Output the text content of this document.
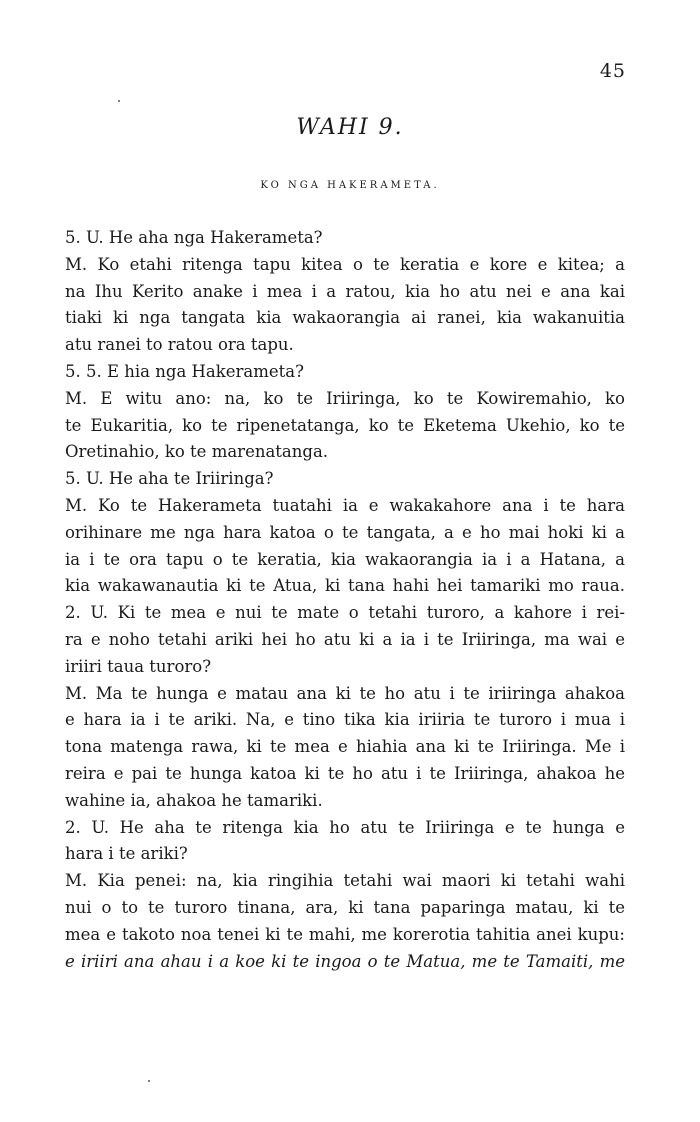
45
WAHI 9.
KO NGA HAKERAMETA.
5. U. He aha nga Hakerameta?
M. Ko etahi ritenga tapu kitea o te keratia e kore e kitea; a
na Ihu Kerito anake i mea i a ratou, kia ho atu nei e ana kai
tiaki ki nga tangata kia wakaorangia ai ranei, kia wakanuitia
atu ranei to ratou ora tapu.
5. 5. E hia nga Hakerameta?
M. E witu ano: na, ko te Iriiringa, ko te Kowiremahio, ko
te Eukaritia, ko te ripenetatanga, ko te Eketema Ukehio, ko te
Oretinahio, ko te marenatanga.
5. U. He aha te Iriiringa?
M. Ko te Hakerameta tuatahi ia e wakakahore ana i te hara
orihinare me nga hara katoa o te tangata, a e ho mai hoki ki a
ia i te ora tapu o te keratia, kia wakaorangia ia i a Hatana, a
kia wakawanautia ki te Atua, ki tana hahi hei tamariki mo raua.
2. U. Ki te mea e nui te mate o tetahi turoro, a kahore i rei-
ra e noho tetahi ariki hei ho atu ki a ia i te Iriiringa, ma wai e
iriiri taua turoro?
M. Ma te hunga e matau ana ki te ho atu i te iriiringa ahakoa
e hara ia i te ariki. Na, e tino tika kia iriiria te turoro i mua i
tona matenga rawa, ki te mea e hiahia ana ki te Iriiringa. Me i
reira e pai te hunga katoa ki te ho atu i te Iriiringa, ahakoa he
wahine ia, ahakoa he tamariki.
2. U. He aha te ritenga kia ho atu te Iriiringa e te hunga e
hara i te ariki?
M. Kia penei: na, kia ringihia tetahi wai maori ki tetahi wahi
nui o to te turoro tinana, ara, ki tana paparinga matau, ki te
mea e takoto noa tenei ki te mahi, me korerotia tahitia anei kupu:
e iriiri ana ahau i a koe ki te ingoa o te Matua, me te Tamaiti, me
